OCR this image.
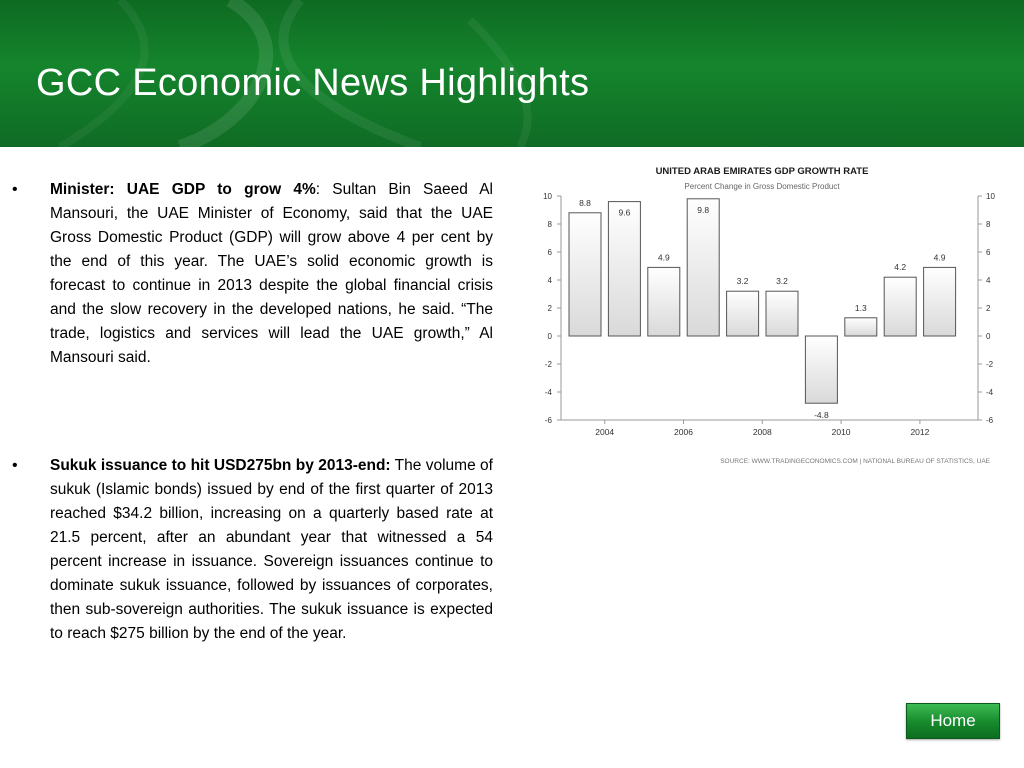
GCC Economic News Highlights
• Minister: UAE GDP to grow 4%: Sultan Bin Saeed Al Mansouri, the UAE Minister of Economy, said that the UAE Gross Domestic Product (GDP) will grow above 4 per cent by the end of this year. The UAE’s solid economic growth is forecast to continue in 2013 despite the global financial crisis and the slow recovery in the developed nations, he said. “The trade, logistics and services will lead the UAE growth,” Al Mansouri said.
• Sukuk issuance to hit USD275bn by 2013-end: The volume of sukuk (Islamic bonds) issued by end of the first quarter of 2013 reached $34.2 billion, increasing on a quarterly based rate at 21.5 percent, after an abundant year that witnessed a 54 percent increase in issuance. Sovereign issuances continue to dominate sukuk issuance, followed by issuances of corporates, then sub-sovereign authorities. The sukuk issuance is expected to reach $275 billion by the end of the year.
UNITED ARAB EMIRATES GDP GROWTH RATE
Percent Change in Gross Domestic Product
SOURCE: WWW.TRADINGECONOMICS.COM | NATIONAL BUREAU OF STATISTICS, UAE
10	10
8	8
6	6
4	4
2	2
0	0
-2	-2
-4	-4
-6	-6
8.8
9.6
4.9
9.8
3.2	3.2
-4.8
1.3
4.2
4.9
2004	2006	2008	2010	2012
Home
